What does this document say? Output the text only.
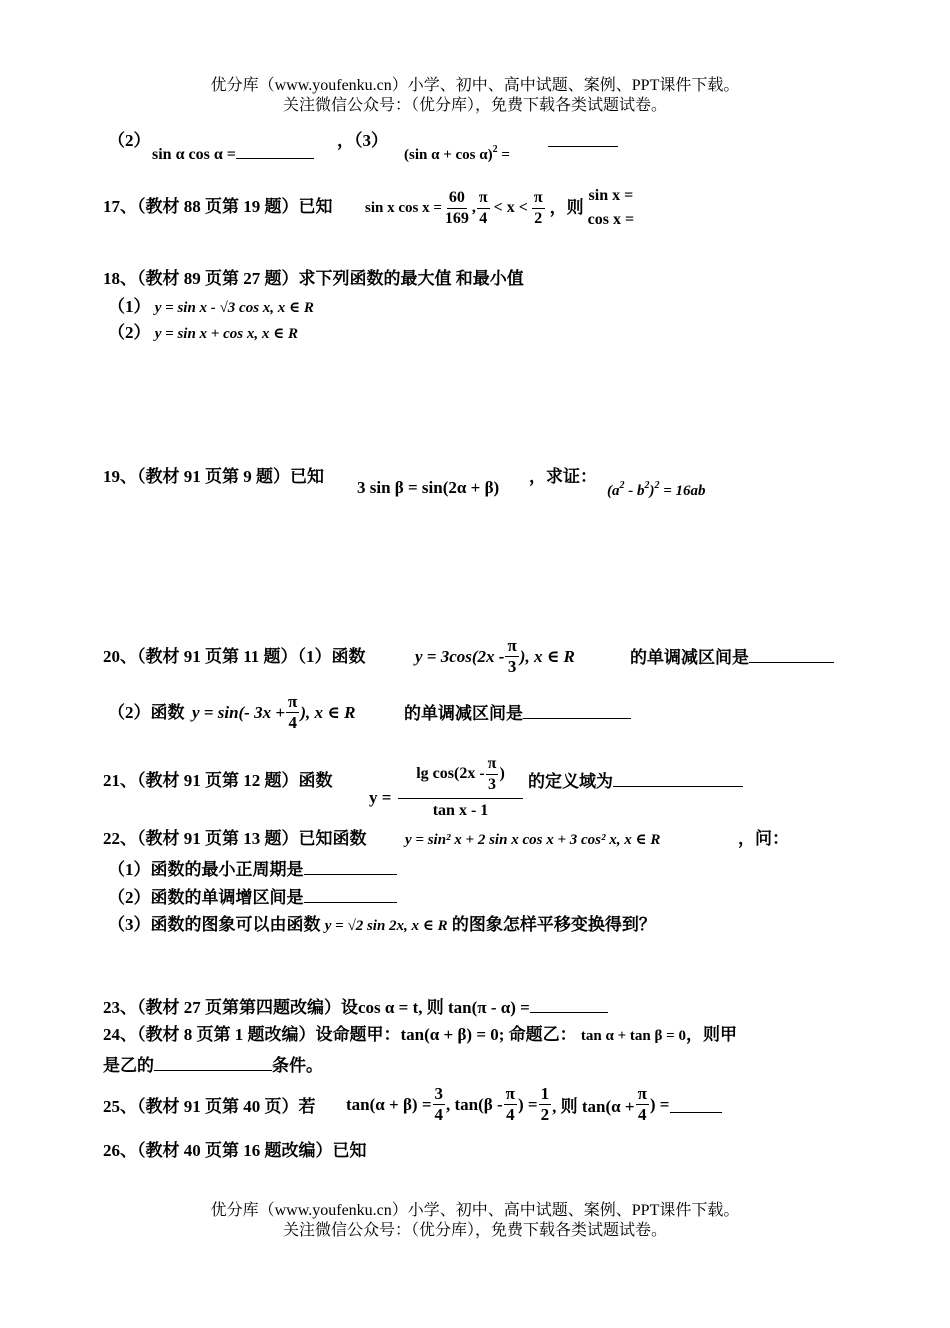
优分库（www.youfenku.cn）小学、初中、高中试题、案例、PPT课件下载。
关注微信公众号：（优分库），免费下载各类试题试卷。
（2）
sin α cos α =
，（3）
(sin α + cos α)$^2$ =
17、（教材 88 页第 19 题）已知 sin x $\cos x = \frac{60}{169}$ , $\frac{\pi}{4} < x < \frac{\pi}{2}$ ，则
sin x =
cos x =
18、（教材 89 页第 27 题）求下列函数的最大值 和最小值
（1） y = sin x - √3 cos x, x ∈ R
（2） y = sin x + cos x, x ∈ R
19、（教材 91 页第 9 题）已知
3 sin β = sin(2α + β)
，求证：
$(a^2 - b^2)^2 = 16ab$
20、（教材 91 页第 11 题）（1）函数	$y = 3\cos(2x - \frac{\pi}{3}$ ), x ∈ R	的单调减区间是
（2）函数 y = sin(- $3x + \frac{\pi}{4}$ ), x ∈ R	的单调减区间是
21、（教材 91 页第 12 题）函数
$y = \frac{\lg \cos(2x - \frac{\pi}{3} )}{\text{tan x - 1}}$ 的定义域为
22、（教材 91 页第 13 题）已知函数	y = sin² x + 2 sin x cos x + 3 cos² x, x ∈ R	，问：
（1）函数的最小正周期是
（2）函数的单调增区间是
（3）函数的图象可以由函数 y = √2 sin 2x, x ∈ R 的图象怎样平移变换得到？
23、（教材 27 页第第四题改编）设cos α = t, 则 tan(π - α) =
24、（教材 8 页第 1 题改编）设命题甲：tan(α + β) = 0; 命题乙： tan α + tan β = 0，则甲
是乙的	条件。
25、（教材 91 页第 40 页）若 $\tan(\alpha + \beta) = \frac{3}{4}$ , $\tan(\beta - \frac{\pi}{4}$ ) = $\frac{1}{2}$ , 则 $\tan(\alpha + \frac{\pi}{4}$ ) =
26、（教材 40 页第 16 题改编）已知
优分库（www.youfenku.cn）小学、初中、高中试题、案例、PPT课件下载。
关注微信公众号：（优分库），免费下载各类试题试卷。
